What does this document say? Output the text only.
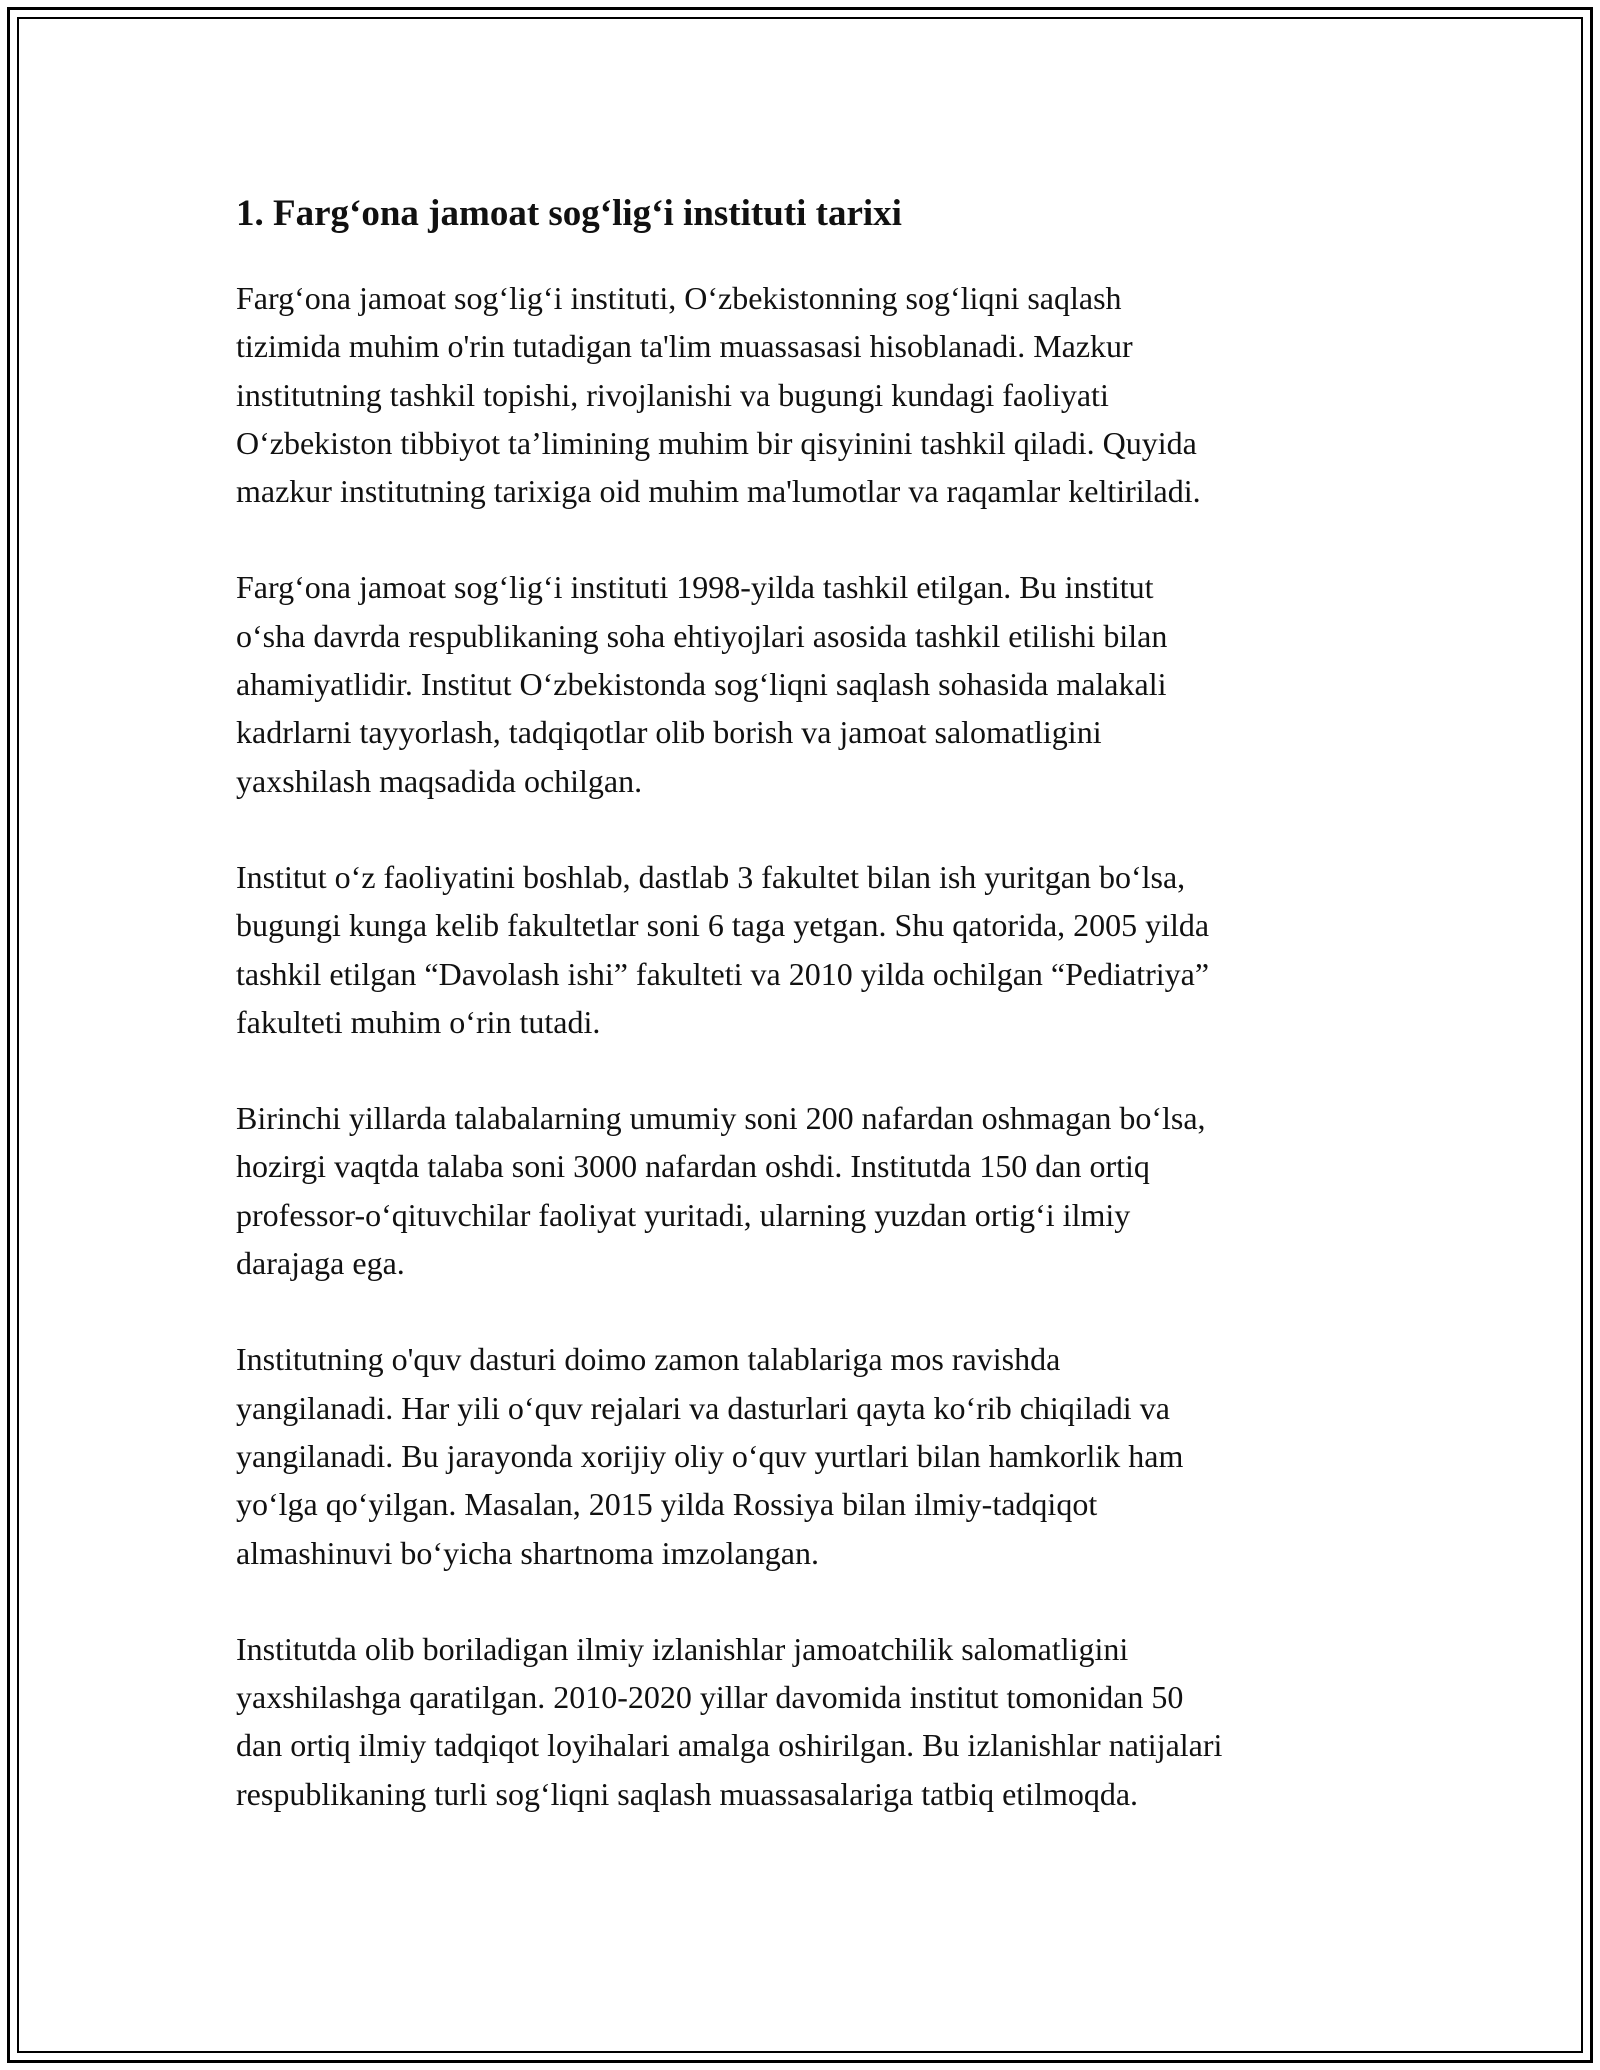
1. Farg‘ona jamoat sog‘lig‘i instituti tarixi

Farg‘ona jamoat sog‘lig‘i instituti, O‘zbekistonning sog‘liqni saqlash
tizimida muhim o'rin tutadigan ta'lim muassasasi hisoblanadi. Mazkur
institutning tashkil topishi, rivojlanishi va bugungi kundagi faoliyati
O‘zbekiston tibbiyot ta’limining muhim bir qisyinini tashkil qiladi. Quyida
mazkur institutning tarixiga oid muhim ma'lumotlar va raqamlar keltiriladi.

Farg‘ona jamoat sog‘lig‘i instituti 1998-yilda tashkil etilgan. Bu institut
o‘sha davrda respublikaning soha ehtiyojlari asosida tashkil etilishi bilan
ahamiyatlidir. Institut O‘zbekistonda sog‘liqni saqlash sohasida malakali
kadrlarni tayyorlash, tadqiqotlar olib borish va jamoat salomatligini
yaxshilash maqsadida ochilgan.

Institut o‘z faoliyatini boshlab, dastlab 3 fakultet bilan ish yuritgan bo‘lsa,
bugungi kunga kelib fakultetlar soni 6 taga yetgan. Shu qatorida, 2005 yilda
tashkil etilgan “Davolash ishi” fakulteti va 2010 yilda ochilgan “Pediatriya”
fakulteti muhim o‘rin tutadi.

Birinchi yillarda talabalarning umumiy soni 200 nafardan oshmagan bo‘lsa,
hozirgi vaqtda talaba soni 3000 nafardan oshdi. Institutda 150 dan ortiq
professor-o‘qituvchilar faoliyat yuritadi, ularning yuzdan ortig‘i ilmiy
darajaga ega.

Institutning o'quv dasturi doimo zamon talablariga mos ravishda
yangilanadi. Har yili o‘quv rejalari va dasturlari qayta ko‘rib chiqiladi va
yangilanadi. Bu jarayonda xorijiy oliy o‘quv yurtlari bilan hamkorlik ham
yo‘lga qo‘yilgan. Masalan, 2015 yilda Rossiya bilan ilmiy-tadqiqot
almashinuvi bo‘yicha shartnoma imzolangan.

Institutda olib boriladigan ilmiy izlanishlar jamoatchilik salomatligini
yaxshilashga qaratilgan. 2010-2020 yillar davomida institut tomonidan 50
dan ortiq ilmiy tadqiqot loyihalari amalga oshirilgan. Bu izlanishlar natijalari
respublikaning turli sog‘liqni saqlash muassasalariga tatbiq etilmoqda.
